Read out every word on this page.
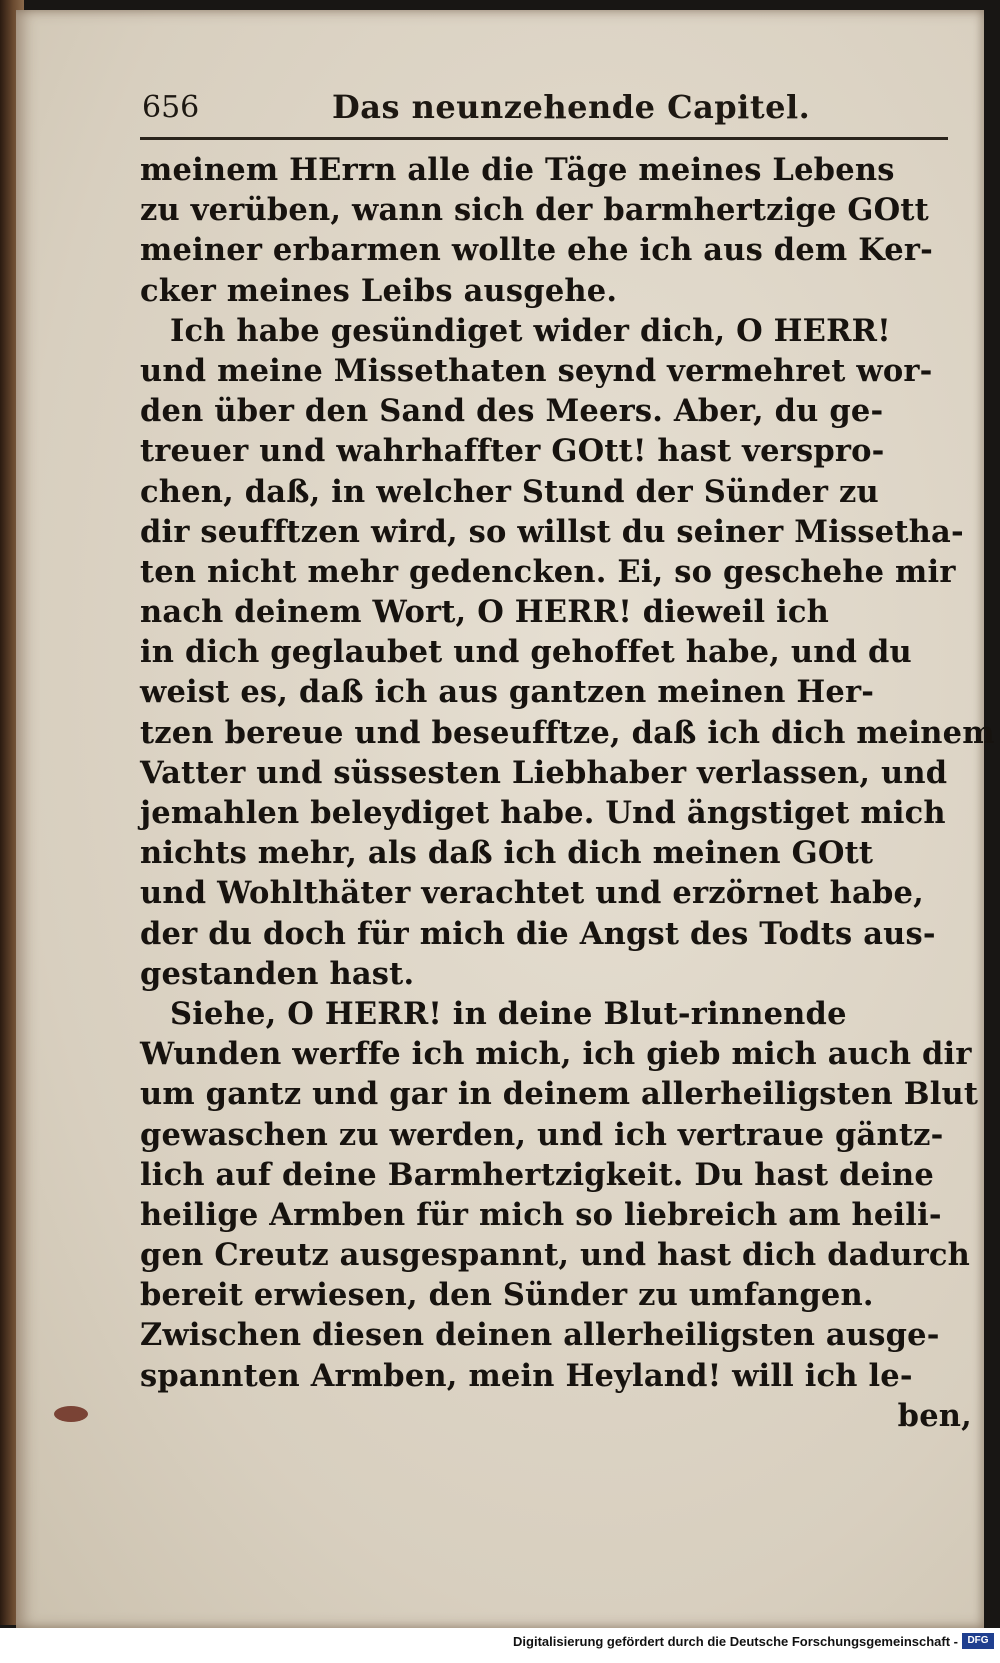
656	Das neunzehende Capitel.
meinem HErrn alle die Täge meines Lebens
zu verüben, wann sich der barmhertzige GOtt
meiner erbarmen wollte ehe ich aus dem Ker-
cker meines Leibs ausgehe.
Ich habe gesündiget wider dich, O HERR!
und meine Missethaten seynd vermehret wor-
den über den Sand des Meers. Aber, du ge-
treuer und wahrhaffter GOtt! hast verspro-
chen, daß, in welcher Stund der Sünder zu
dir seufftzen wird, so willst du seiner Missetha-
ten nicht mehr gedencken. Ei, so geschehe mir
nach deinem Wort, O HERR! dieweil ich
in dich geglaubet und gehoffet habe, und du
weist es, daß ich aus gantzen meinen Her-
tzen bereue und beseufftze, daß ich dich meinem
Vatter und süssesten Liebhaber verlassen, und
jemahlen beleydiget habe. Und ängstiget mich
nichts mehr, als daß ich dich meinen GOtt
und Wohlthäter verachtet und erzörnet habe,
der du doch für mich die Angst des Todts aus-
gestanden hast.
Siehe, O HERR! in deine Blut-rinnende
Wunden werffe ich mich, ich gieb mich auch dir
um gantz und gar in deinem allerheiligsten Blut
gewaschen zu werden, und ich vertraue gäntz-
lich auf deine Barmhertzigkeit. Du hast deine
heilige Armben für mich so liebreich am heili-
gen Creutz ausgespannt, und hast dich dadurch
bereit erwiesen, den Sünder zu umfangen.
Zwischen diesen deinen allerheiligsten ausge-
spannten Armben, mein Heyland! will ich le-
ben,
Digitalisierung gefördert durch die Deutsche Forschungsgemeinschaft - DFG
